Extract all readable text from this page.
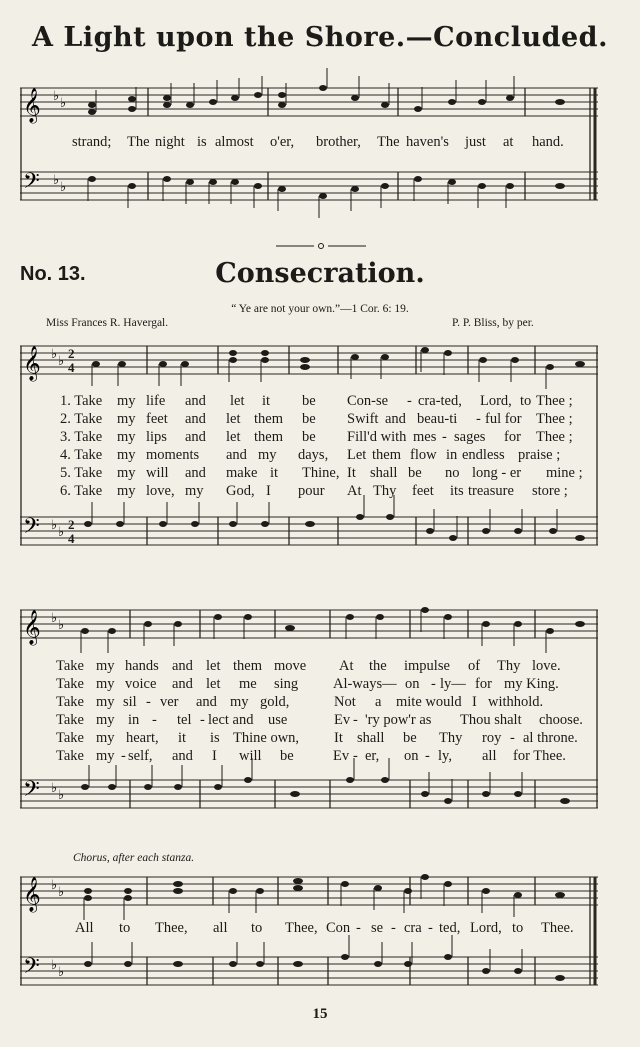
A Light upon the Shore.—Concluded.
𝄞
𝄢
♭ ♭
♭ ♭
strand; The night is almost o'er, brother, The haven's just at hand.
No. 13.	Consecration.
“ Ye are not your own.”—1 Cor. 6: 19.
Miss Frances R. Havergal.	P. P. Bliss, by per.
𝄞
𝄢
♭ ♭
♭ ♭
2
4
2
4
1. Take my life and let it be Con-se - cra-ted, Lord, to Thee ;
2. Take my feet and let them be Swift and beau-ti - ful for Thee ;
3. Take my lips and let them be Fill'd with mes - sages for Thee ;
4. Take my moments and my days, Let them flow in endless praise ;
5. Take my will and make it Thine, It shall be no long - er mine ;
6. Take my love, my God, I pour At Thy feet its treasure store ;
𝄞
𝄢
♭ ♭
♭ ♭
Take my hands and let them move At the impulse of Thy love.
Take my voice and let me sing Al-ways— on - ly— for my King.
Take my sil - ver and my gold,	Not a mite would I withhold.
Take my in - tel - lect and use	Ev - 'ry pow'r as Thou shalt choose.
Take my heart, it is Thine own, It shall be Thy roy - al throne.
Take my - self, and I will be	Ev - er, on - ly, all for Thee.
Chorus, after each stanza.
𝄞
𝄢
♭ ♭
♭ ♭
All to Thee, all to Thee, Con - se - cra - ted, Lord, to Thee.
15
